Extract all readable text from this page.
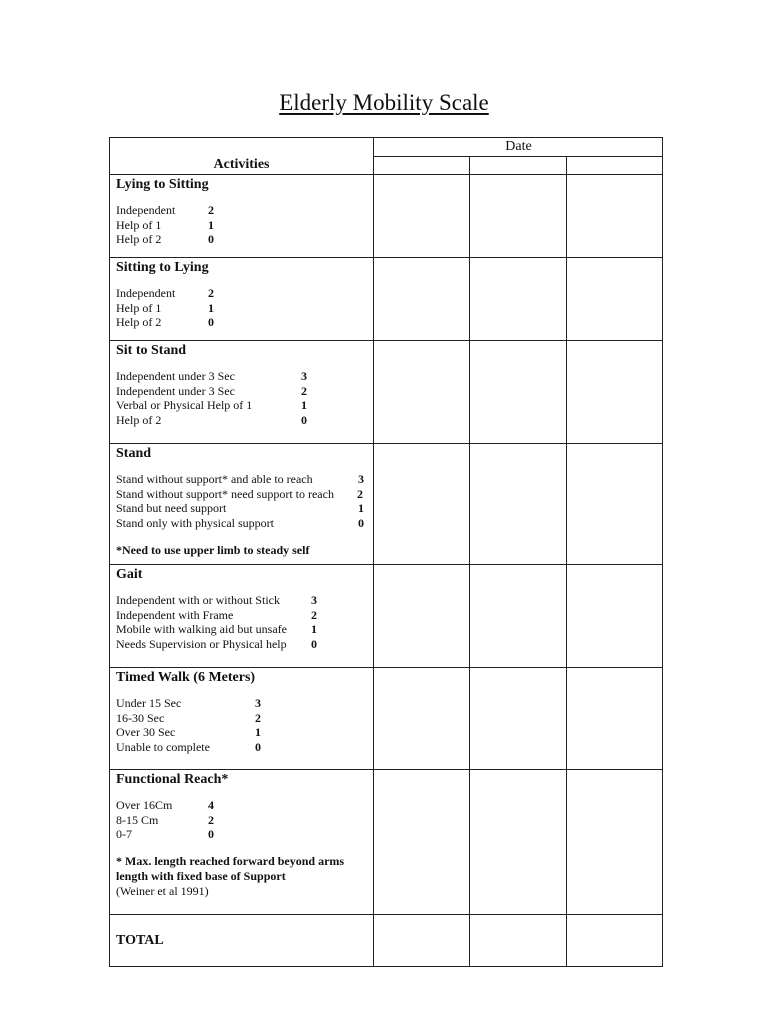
Elderly Mobility Scale
Date
Activities
Lying to Sitting
Independent	2
Help of 1	1
Help of 2	0
Sitting to Lying
Independent	2
Help of 1	1
Help of 2	0
Sit to Stand
Independent under 3 Sec	3
Independent under 3 Sec	2
Verbal or Physical Help of 1	1
Help of 2	0
Stand
Stand without support* and able to reach	3
Stand without support* need support to reach 2
Stand but need support	1
Stand only with physical support	0
*Need to use upper limb to steady self
Gait
Independent with or without Stick	3
Independent with Frame	2
Mobile with walking aid but unsafe 1
Needs Supervision or Physical help 0
Timed Walk (6 Meters)
Under 15 Sec	3
16-30 Sec	2
Over 30 Sec	1
Unable to complete	0
Functional Reach*
Over 16Cm	4
8-15 Cm	2
0-7	0
* Max. length reached forward beyond arms
length with fixed base of Support
(Weiner et al 1991)
TOTAL
